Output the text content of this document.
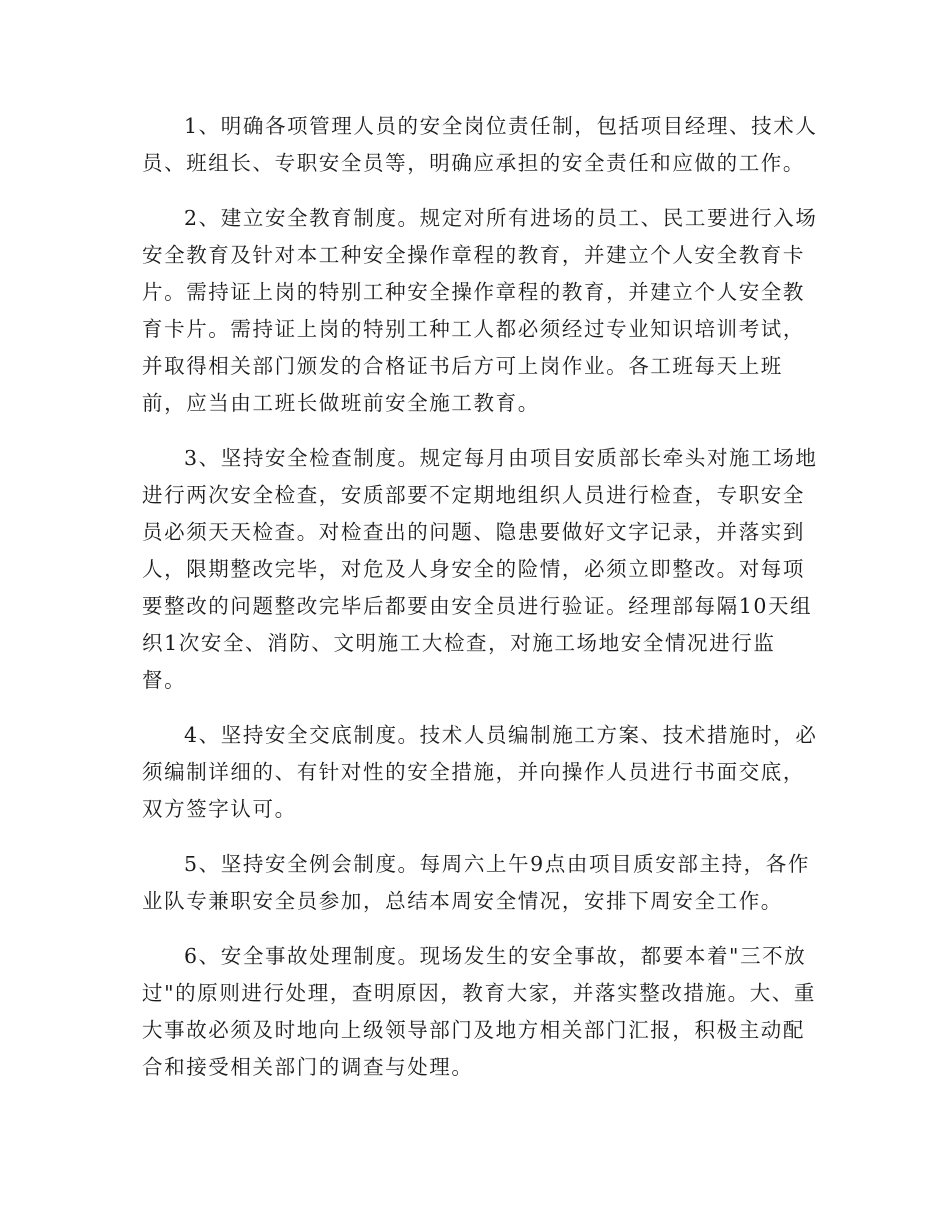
1、明确各项管理人员的安全岗位责任制，包括项目经理、技术人
员、班组长、专职安全员等，明确应承担的安全责任和应做的工作。

2、建立安全教育制度。规定对所有进场的员工、民工要进行入场
安全教育及针对本工种安全操作章程的教育，并建立个人安全教育卡
片。需持证上岗的特别工种安全操作章程的教育，并建立个人安全教
育卡片。需持证上岗的特别工种工人都必须经过专业知识培训考试，
并取得相关部门颁发的合格证书后方可上岗作业。各工班每天上班
前，应当由工班长做班前安全施工教育。

3、坚持安全检查制度。规定每月由项目安质部长牵头对施工场地
进行两次安全检查，安质部要不定期地组织人员进行检查，专职安全
员必须天天检查。对检查出的问题、隐患要做好文字记录，并落实到
人，限期整改完毕，对危及人身安全的险情，必须立即整改。对每项
要整改的问题整改完毕后都要由安全员进行验证。经理部每隔10天组
织1次安全、消防、文明施工大检查，对施工场地安全情况进行监
督。

4、坚持安全交底制度。技术人员编制施工方案、技术措施时，必
须编制详细的、有针对性的安全措施，并向操作人员进行书面交底，
双方签字认可。

5、坚持安全例会制度。每周六上午9点由项目质安部主持，各作
业队专兼职安全员参加，总结本周安全情况，安排下周安全工作。

6、安全事故处理制度。现场发生的安全事故，都要本着"三不放
过"的原则进行处理，查明原因，教育大家，并落实整改措施。大、重
大事故必须及时地向上级领导部门及地方相关部门汇报，积极主动配
合和接受相关部门的调查与处理。
